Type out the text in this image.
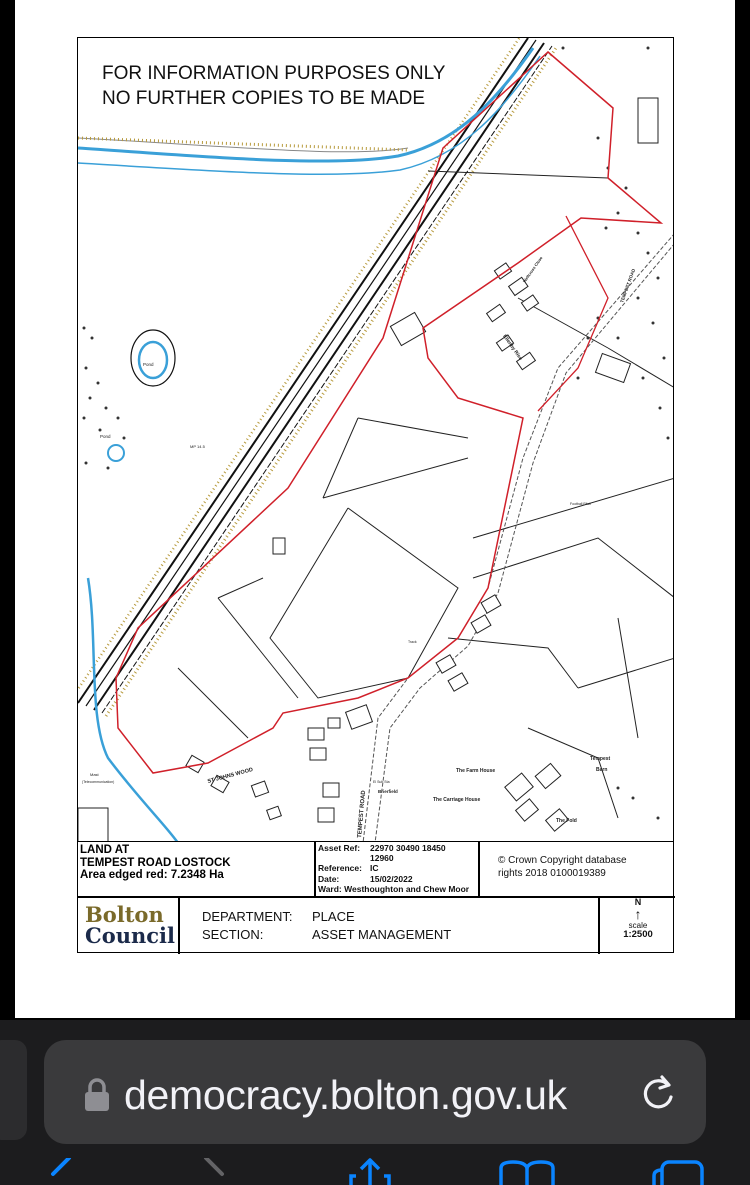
Pond
Pond
MP 14.5
ST JOHNS WOOD
TEMPEST ROAD
TEMPEST ROAD
Ellenby Rise
Wellcross Close
The Farm House
The Carriage House
The Fold
Tempest
Barn
Brierfield
Mast
(Telecommunication)
Football Pitch
Track
El Sub Sta
FOR INFORMATION PURPOSES ONLY
NO FURTHER COPIES TO BE MADE
LAND AT
TEMPEST ROAD LOSTOCK
Area edged red: 7.2348 Ha
Asset Ref: 22970 30490 18450
12960
Reference: IC
Date:	15/02/2022
Ward: Westhoughton and Chew Moor
© Crown Copyright database
rights 2018 0100019389
Bolton
Council
DEPARTMENT: PLACE
SECTION:	ASSET MANAGEMENT
N
↑
scale
1:2500
democracy.bolton.gov.uk
